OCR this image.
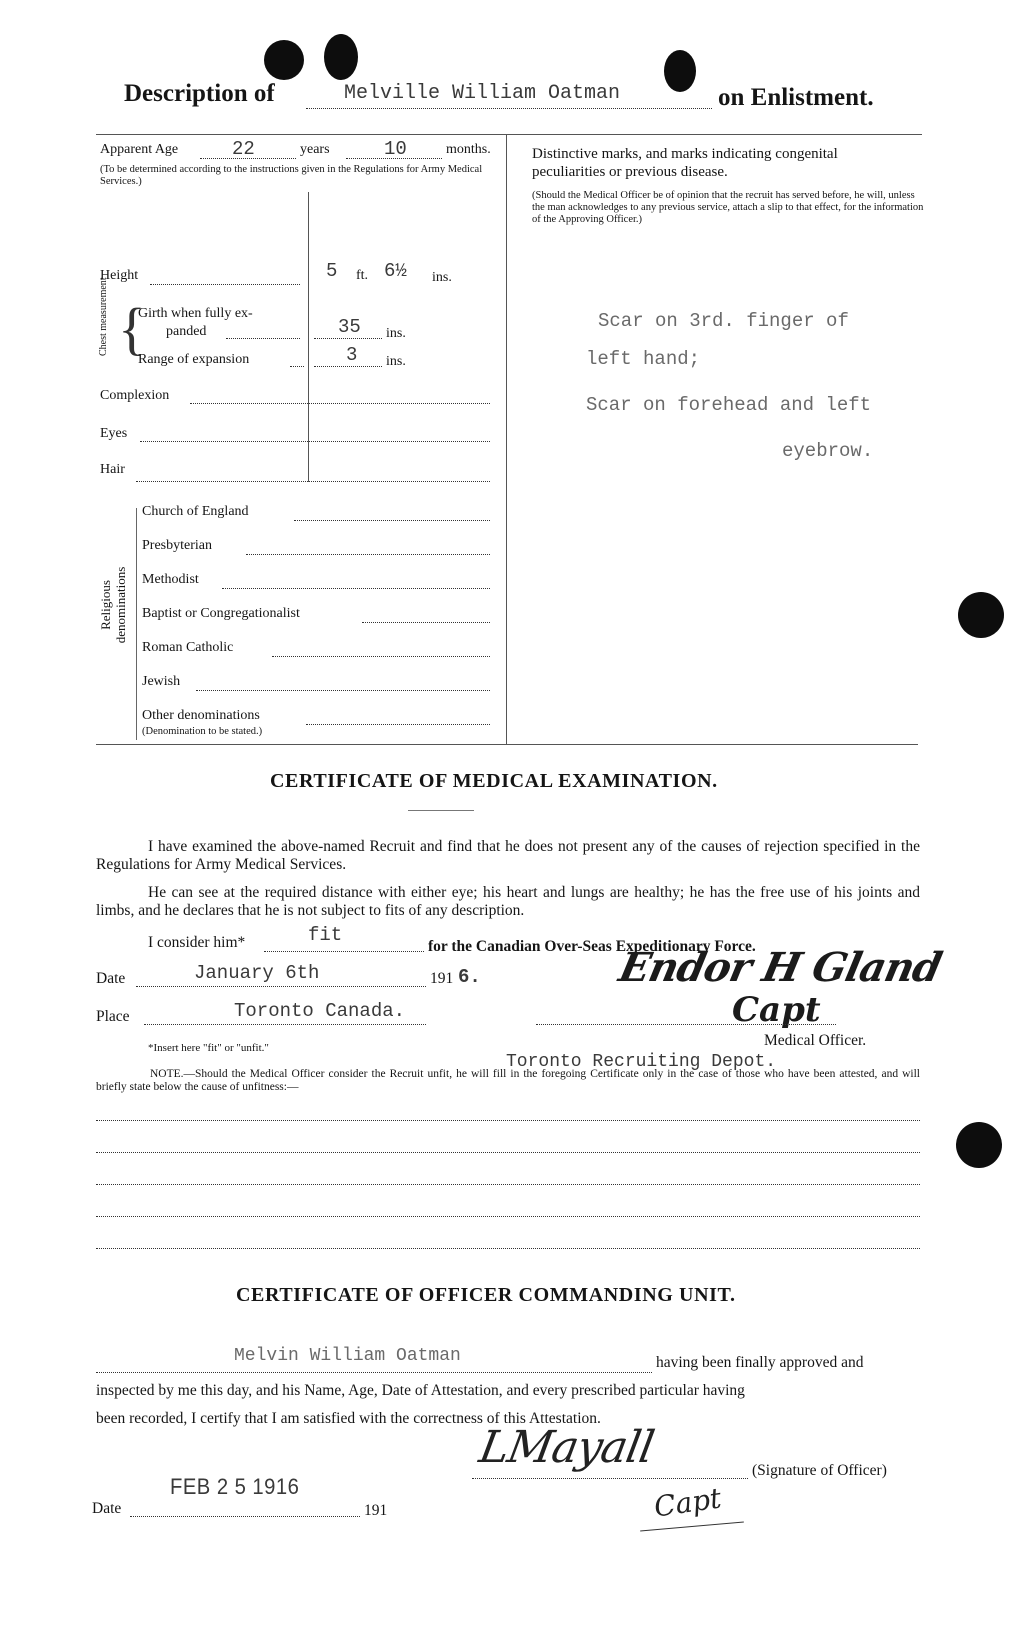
Description of	Melville William Oatman	on Enlistment.
Apparent Age	22	years	10	months.
(To be determined according to the instructions given in the Regulations for Army Medical Services.)
Height	5 ft. 6½ ins.
Chest measurement {
Girth when fully ex-
panded	35 ins.
Range of expansion	3 ins.
Complexion
Eyes
Hair
Religious denominations
Church of England
Presbyterian
Methodist
Baptist or Congregationalist
Roman Catholic
Jewish
Other denominations
(Denomination to be stated.)
Distinctive marks, and marks indicating congenital
peculiarities or previous disease.
(Should the Medical Officer be of opinion that the recruit has served before, he will, unless the man acknowledges to any previous service, attach a slip to that effect, for the information of the Approving Officer.)
Scar on 3rd. finger of
left hand;
Scar on forehead and left
eyebrow.
CERTIFICATE OF MEDICAL EXAMINATION.
I have examined the above-named Recruit and find that he does not present any of the causes of rejection specified in the Regulations for Army Medical Services.
He can see at the required distance with either eye; his heart and lungs are healthy; he has the free use of his joints and limbs, and he declares that he is not subject to fits of any description.
I consider him*	fit
for the Canadian Over-Seas Expeditionary Force.
Date	January 6th	191 6.
Place	Toronto Canada.
Endor H Gland
Capt
Medical Officer.
*Insert here "fit" or "unfit."
Toronto Recruiting Depot.
NOTE.—Should the Medical Officer consider the Recruit unfit, he will fill in the foregoing Certificate only in the case of those who have been attested, and will briefly state below the cause of unfitness:—
CERTIFICATE OF OFFICER COMMANDING UNIT.
Melvin William Oatman	having been finally approved and
inspected by me this day, and his Name, Age, Date of Attestation, and every prescribed particular having
been recorded, I certify that I am satisfied with the correctness of this Attestation.
LMayall	(Signature of Officer)
Capt
FEB 2 5 1916
Date	191
